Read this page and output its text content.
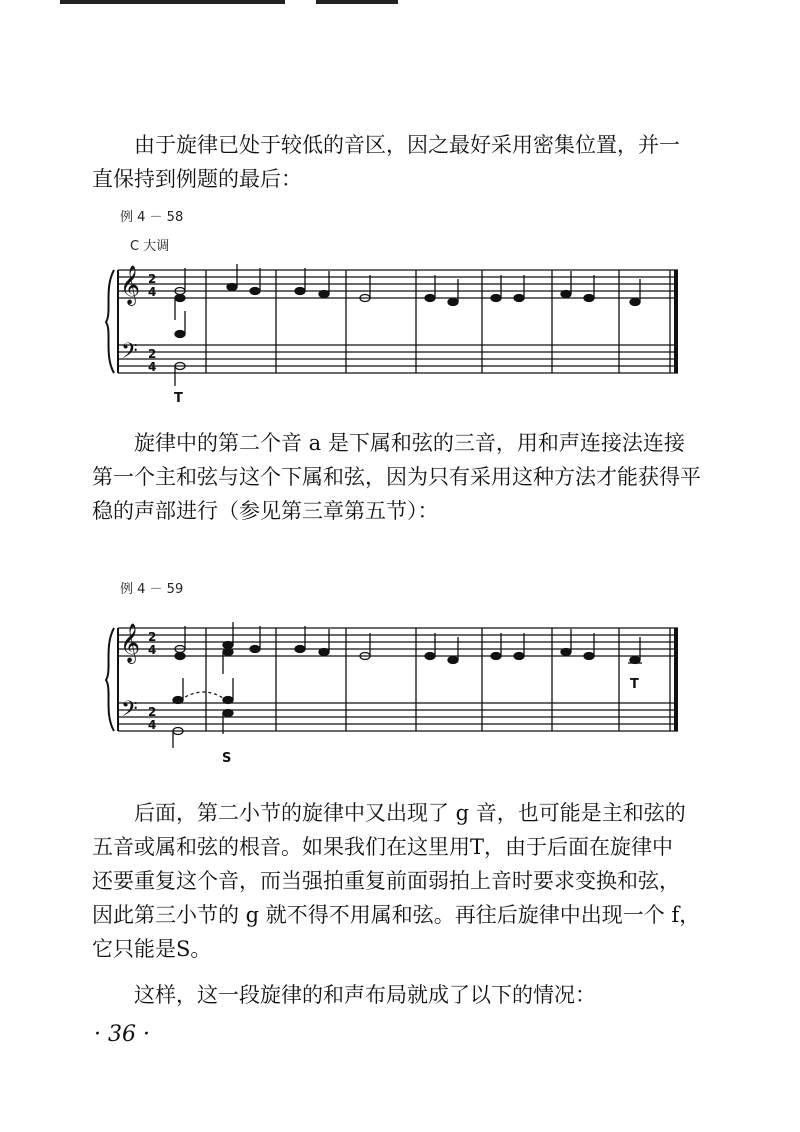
由于旋律已处于较低的音区，因之最好采用密集位置，并一
直保持到例题的最后：

例 4 － 58
C 大调
𝄞
𝄢
2
4
2
4
T

旋律中的第二个音 a 是下属和弦的三音，用和声连接法连接
第一个主和弦与这个下属和弦，因为只有采用这种方法才能获得平
稳的声部进行（参见第三章第五节）：

例 4 － 59
𝄞
𝄢
2
4
2
4
S
T

后面，第二小节的旋律中又出现了 g 音，也可能是主和弦的
五音或属和弦的根音。如果我们在这里用T，由于后面在旋律中
还要重复这个音，而当强拍重复前面弱拍上音时要求变换和弦，
因此第三小节的 g 就不得不用属和弦。再往后旋律中出现一个 f，
它只能是S。

这样，这一段旋律的和声布局就成了以下的情况：

· 36 ·
